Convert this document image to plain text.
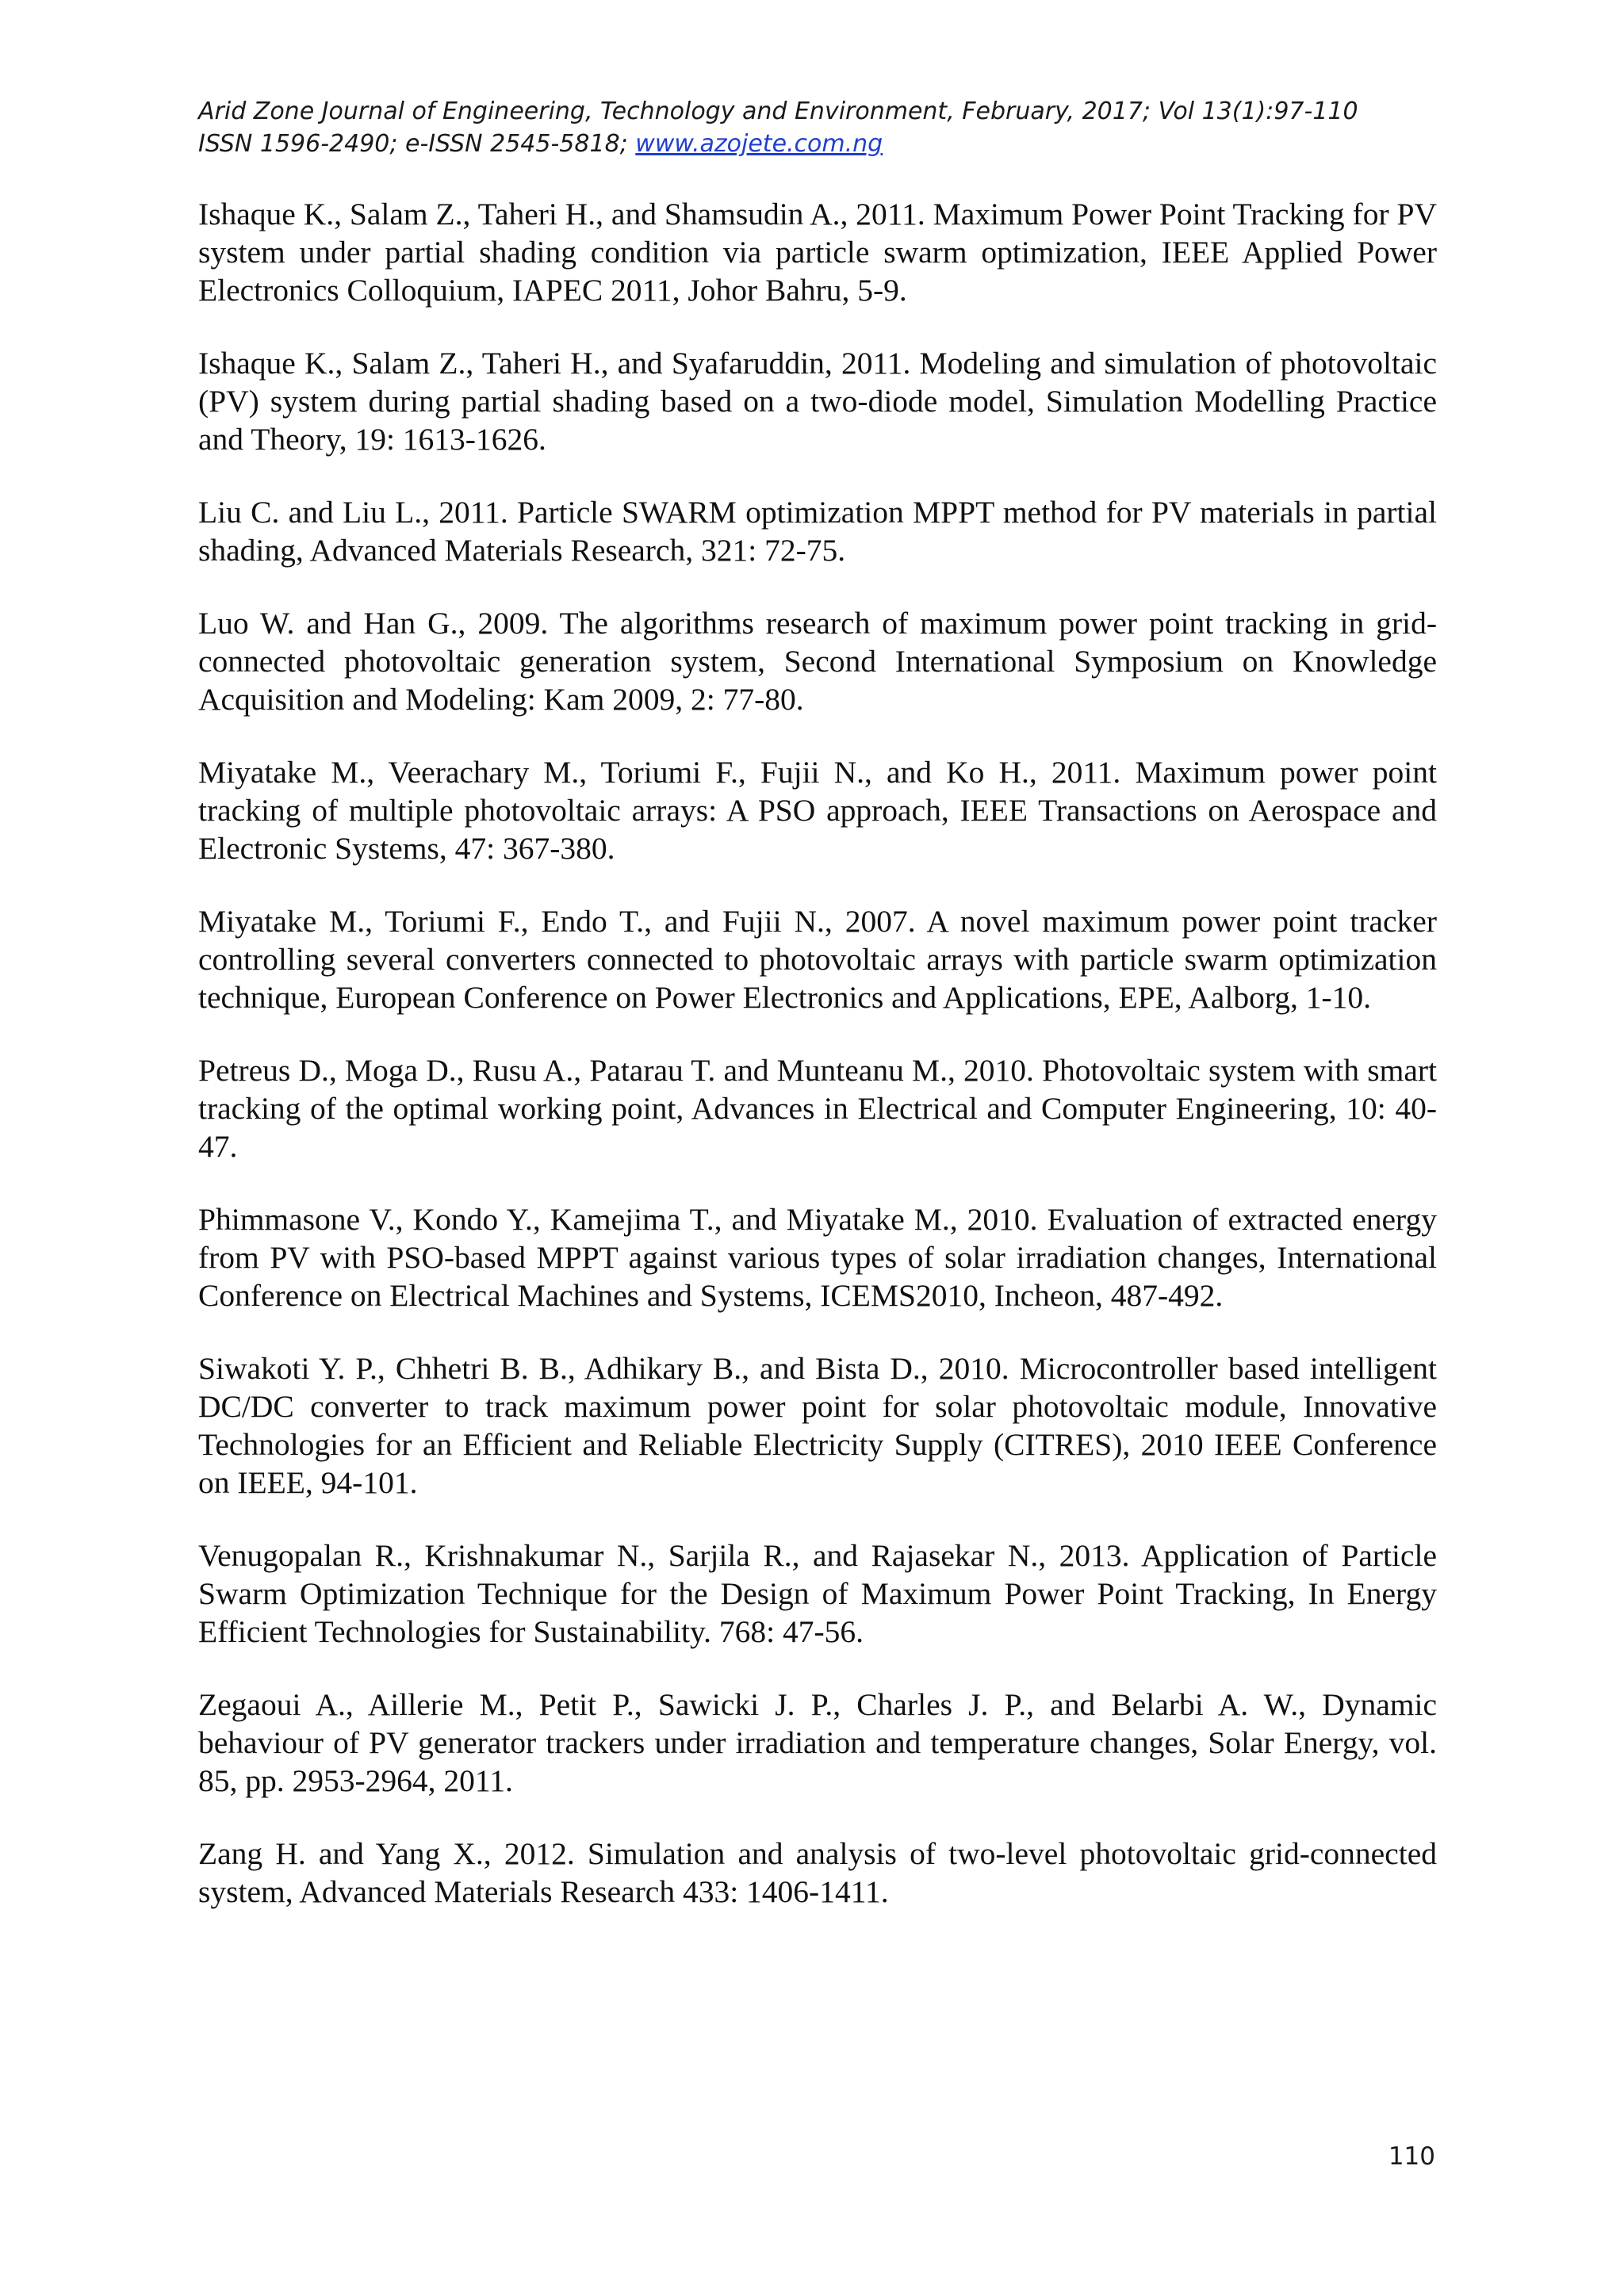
Arid Zone Journal of Engineering, Technology and Environment, February, 2017; Vol 13(1):97-110
ISSN 1596-2490; e-ISSN 2545-5818; www.azojete.com.ng

Ishaque K., Salam Z., Taheri H., and Shamsudin A., 2011. Maximum Power Point Tracking for PV system under partial shading condition via particle swarm optimization, IEEE Applied Power Electronics Colloquium, IAPEC 2011, Johor Bahru, 5-9.

Ishaque K., Salam Z., Taheri H., and Syafaruddin, 2011. Modeling and simulation of photovoltaic (PV) system during partial shading based on a two-diode model, Simulation Modelling Practice and Theory, 19: 1613-1626.

Liu C. and Liu L., 2011. Particle SWARM optimization MPPT method for PV materials in partial shading, Advanced Materials Research, 321: 72-75.

Luo W. and Han G., 2009. The algorithms research of maximum power point tracking in grid-connected photovoltaic generation system, Second International Symposium on Knowledge Acquisition and Modeling: Kam 2009, 2: 77-80.

Miyatake M., Veerachary M., Toriumi F., Fujii N., and Ko H., 2011. Maximum power point tracking of multiple photovoltaic arrays: A PSO approach, IEEE Transactions on Aerospace and Electronic Systems, 47: 367-380.

Miyatake M., Toriumi F., Endo T., and Fujii N., 2007. A novel maximum power point tracker controlling several converters connected to photovoltaic arrays with particle swarm optimization technique, European Conference on Power Electronics and Applications, EPE, Aalborg, 1-10.

Petreus D., Moga D., Rusu A., Patarau T. and Munteanu M., 2010. Photovoltaic system with smart tracking of the optimal working point, Advances in Electrical and Computer Engineering, 10: 40-47.

Phimmasone V., Kondo Y., Kamejima T., and Miyatake M., 2010. Evaluation of extracted energy from PV with PSO-based MPPT against various types of solar irradiation changes, International Conference on Electrical Machines and Systems, ICEMS2010, Incheon, 487-492.

Siwakoti Y. P., Chhetri B. B., Adhikary B., and Bista D., 2010. Microcontroller based intelligent DC/DC converter to track maximum power point for solar photovoltaic module, Innovative Technologies for an Efficient and Reliable Electricity Supply (CITRES), 2010 IEEE Conference on IEEE, 94-101.

Venugopalan R., Krishnakumar N., Sarjila R., and Rajasekar N., 2013. Application of Particle Swarm Optimization Technique for the Design of Maximum Power Point Tracking, In Energy Efficient Technologies for Sustainability. 768: 47-56.

Zegaoui A., Aillerie M., Petit P., Sawicki J. P., Charles J. P., and Belarbi A. W., Dynamic behaviour of PV generator trackers under irradiation and temperature changes, Solar Energy, vol. 85, pp. 2953-2964, 2011.

Zang H. and Yang X., 2012. Simulation and analysis of two-level photovoltaic grid-connected system, Advanced Materials Research 433: 1406-1411.

110
